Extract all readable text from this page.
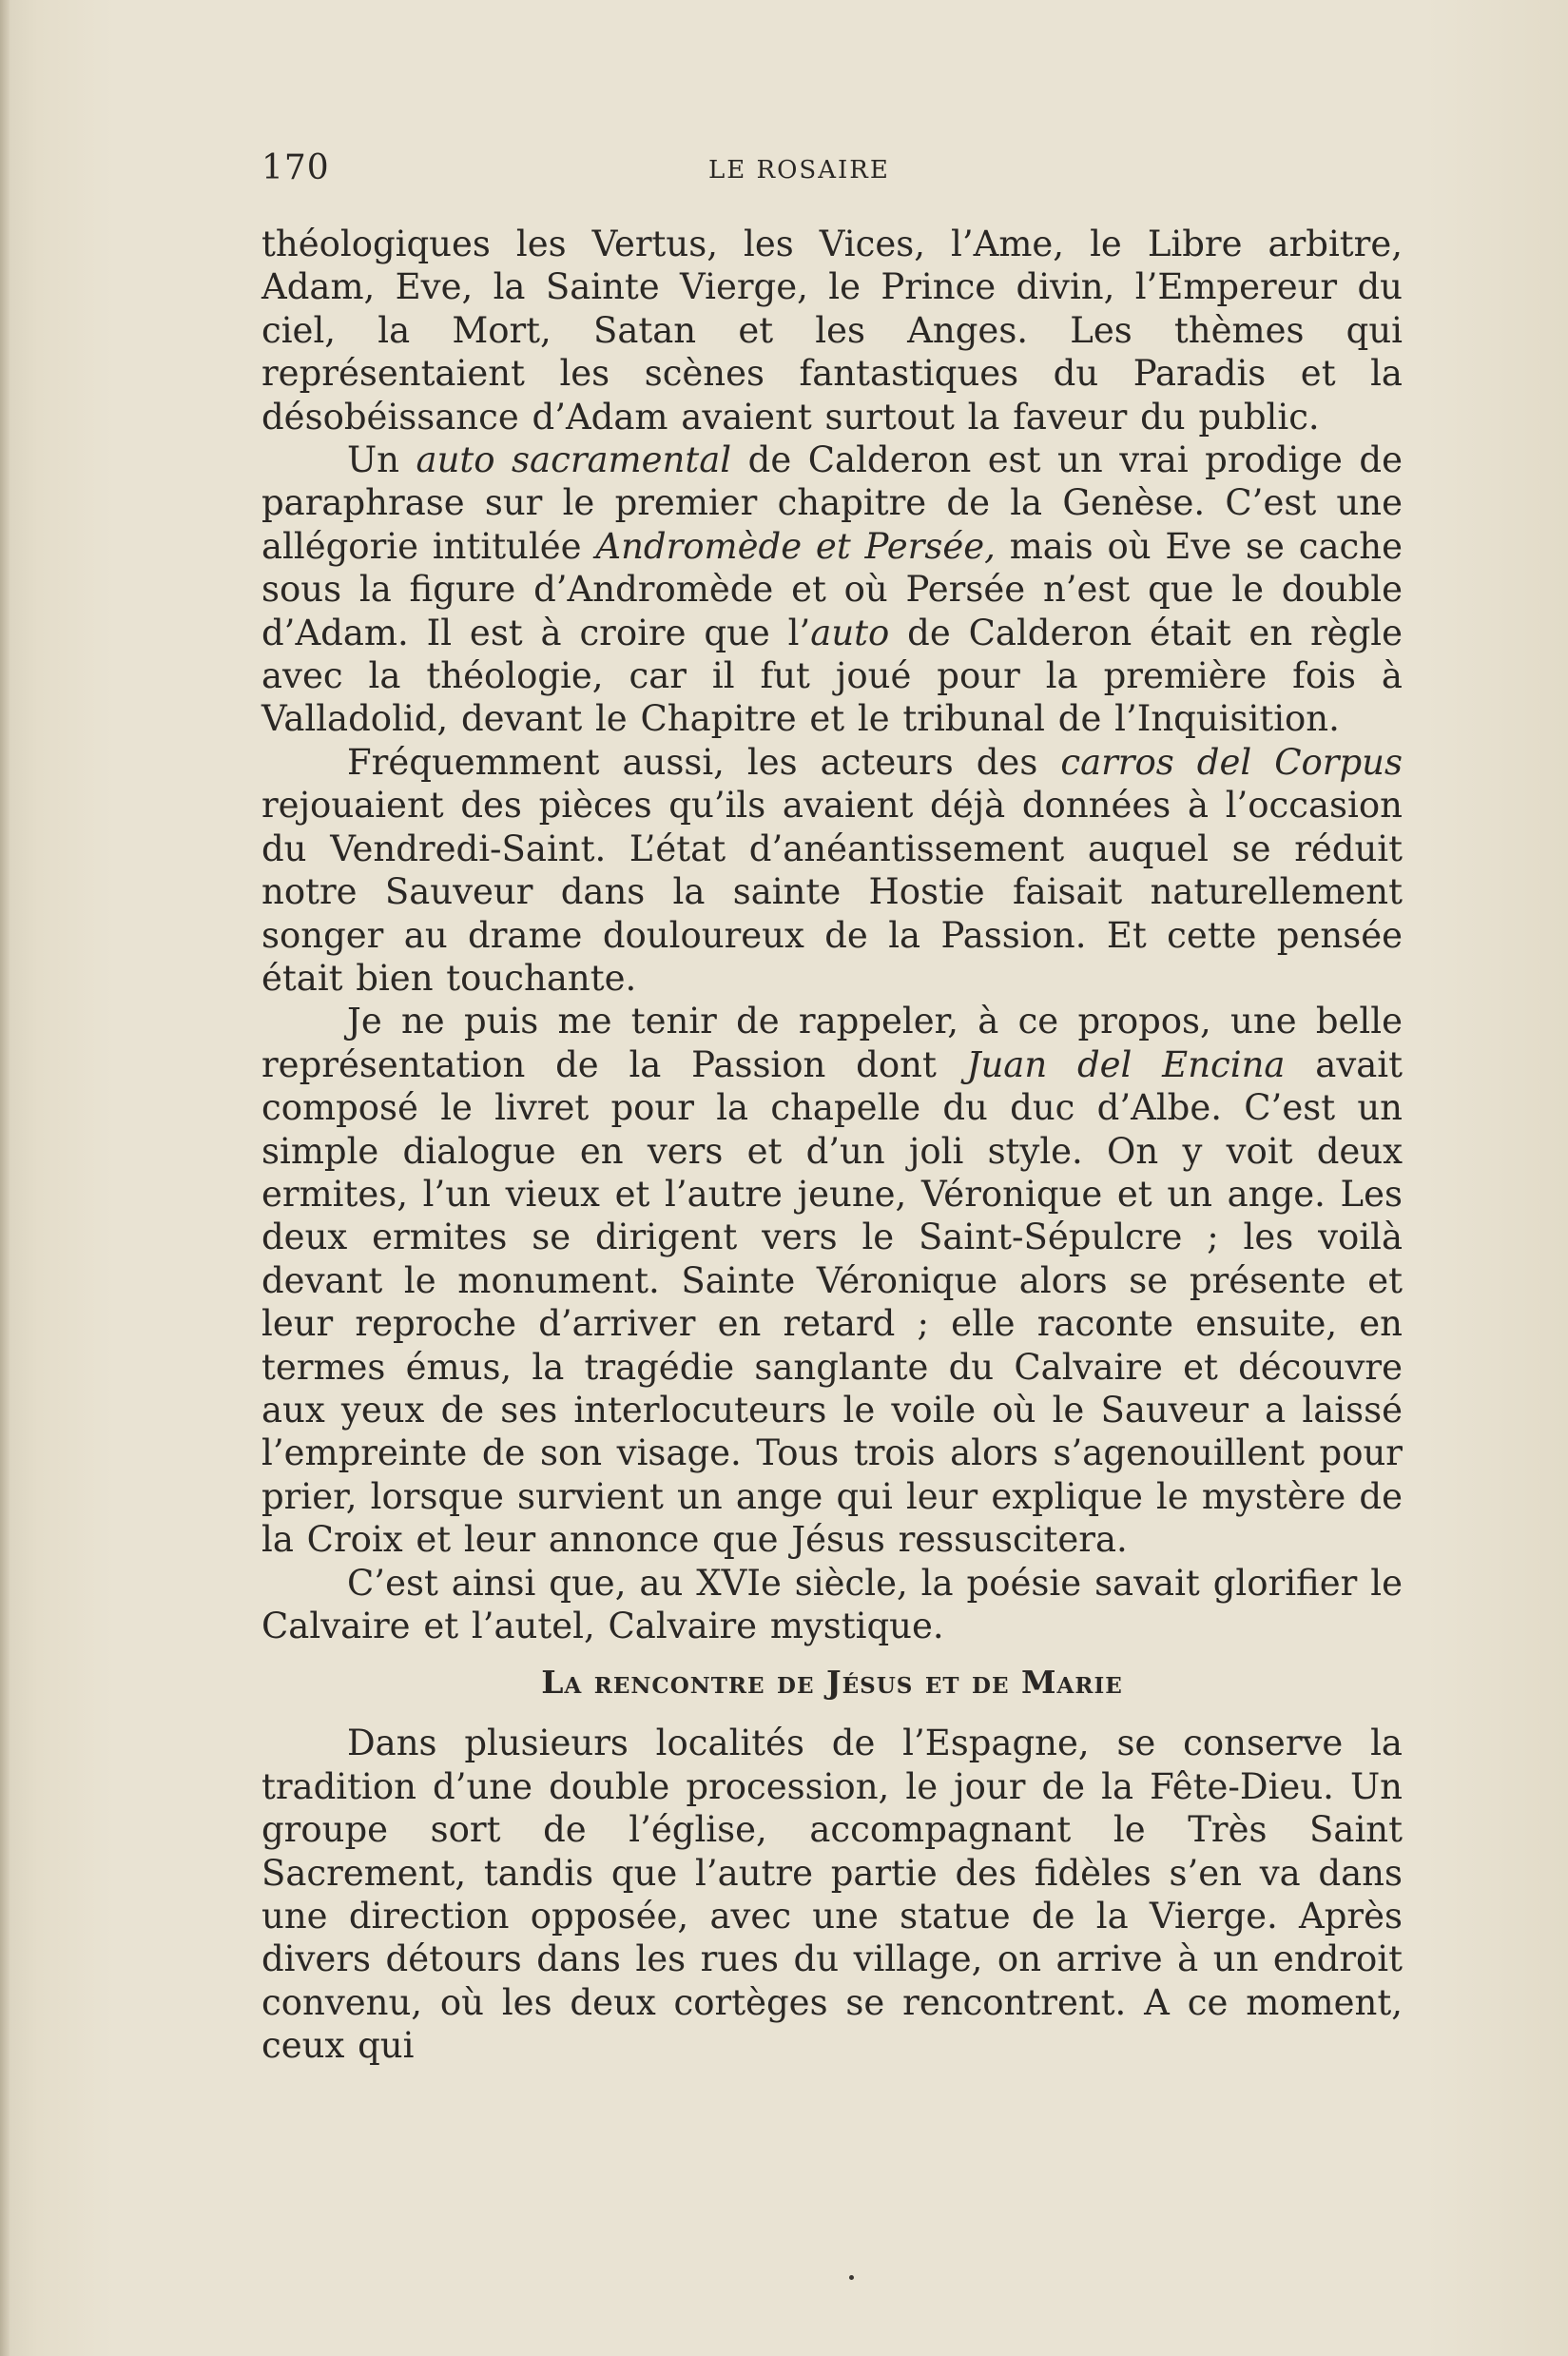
170	LE ROSAIRE

théologiques les Vertus, les Vices, l’Ame, le Libre arbitre, Adam, Eve, la Sainte Vierge, le Prince divin, l’Empereur du ciel, la Mort, Satan et les Anges. Les thèmes qui représentaient les scènes fantastiques du Paradis et la désobéissance d’Adam avaient surtout la faveur du public.

Un auto sacramental de Calderon est un vrai prodige de paraphrase sur le premier chapitre de la Genèse. C’est une allégorie intitulée Andromède et Persée, mais où Eve se cache sous la figure d’Andromède et où Persée n’est que le double d’Adam. Il est à croire que l’auto de Calderon était en règle avec la théologie, car il fut joué pour la première fois à Valladolid, devant le Chapitre et le tribunal de l’Inquisition.

Fréquemment aussi, les acteurs des carros del Corpus rejouaient des pièces qu’ils avaient déjà données à l’occasion du Vendredi-Saint. L’état d’anéantissement auquel se réduit notre Sauveur dans la sainte Hostie faisait naturellement songer au drame douloureux de la Passion. Et cette pensée était bien touchante.

Je ne puis me tenir de rappeler, à ce propos, une belle représentation de la Passion dont Juan del Encina avait composé le livret pour la chapelle du duc d’Albe. C’est un simple dialogue en vers et d’un joli style. On y voit deux ermites, l’un vieux et l’autre jeune, Véronique et un ange. Les deux ermites se dirigent vers le Saint-Sépulcre ; les voilà devant le monument. Sainte Véronique alors se présente et leur reproche d’arriver en retard ; elle raconte ensuite, en termes émus, la tragédie sanglante du Calvaire et découvre aux yeux de ses interlocuteurs le voile où le Sauveur a laissé l’empreinte de son visage. Tous trois alors s’agenouillent pour prier, lorsque survient un ange qui leur explique le mystère de la Croix et leur annonce que Jésus ressuscitera.

C’est ainsi que, au XVIe siècle, la poésie savait glorifier le Calvaire et l’autel, Calvaire mystique.

La rencontre de Jésus et de Marie

Dans plusieurs localités de l’Espagne, se conserve la tradition d’une double procession, le jour de la Fête-Dieu. Un groupe sort de l’église, accompagnant le Très Saint Sacrement, tandis que l’autre partie des fidèles s’en va dans une direction opposée, avec une statue de la Vierge. Après divers détours dans les rues du village, on arrive à un endroit convenu, où les deux cortèges se rencontrent. A ce moment, ceux qui
